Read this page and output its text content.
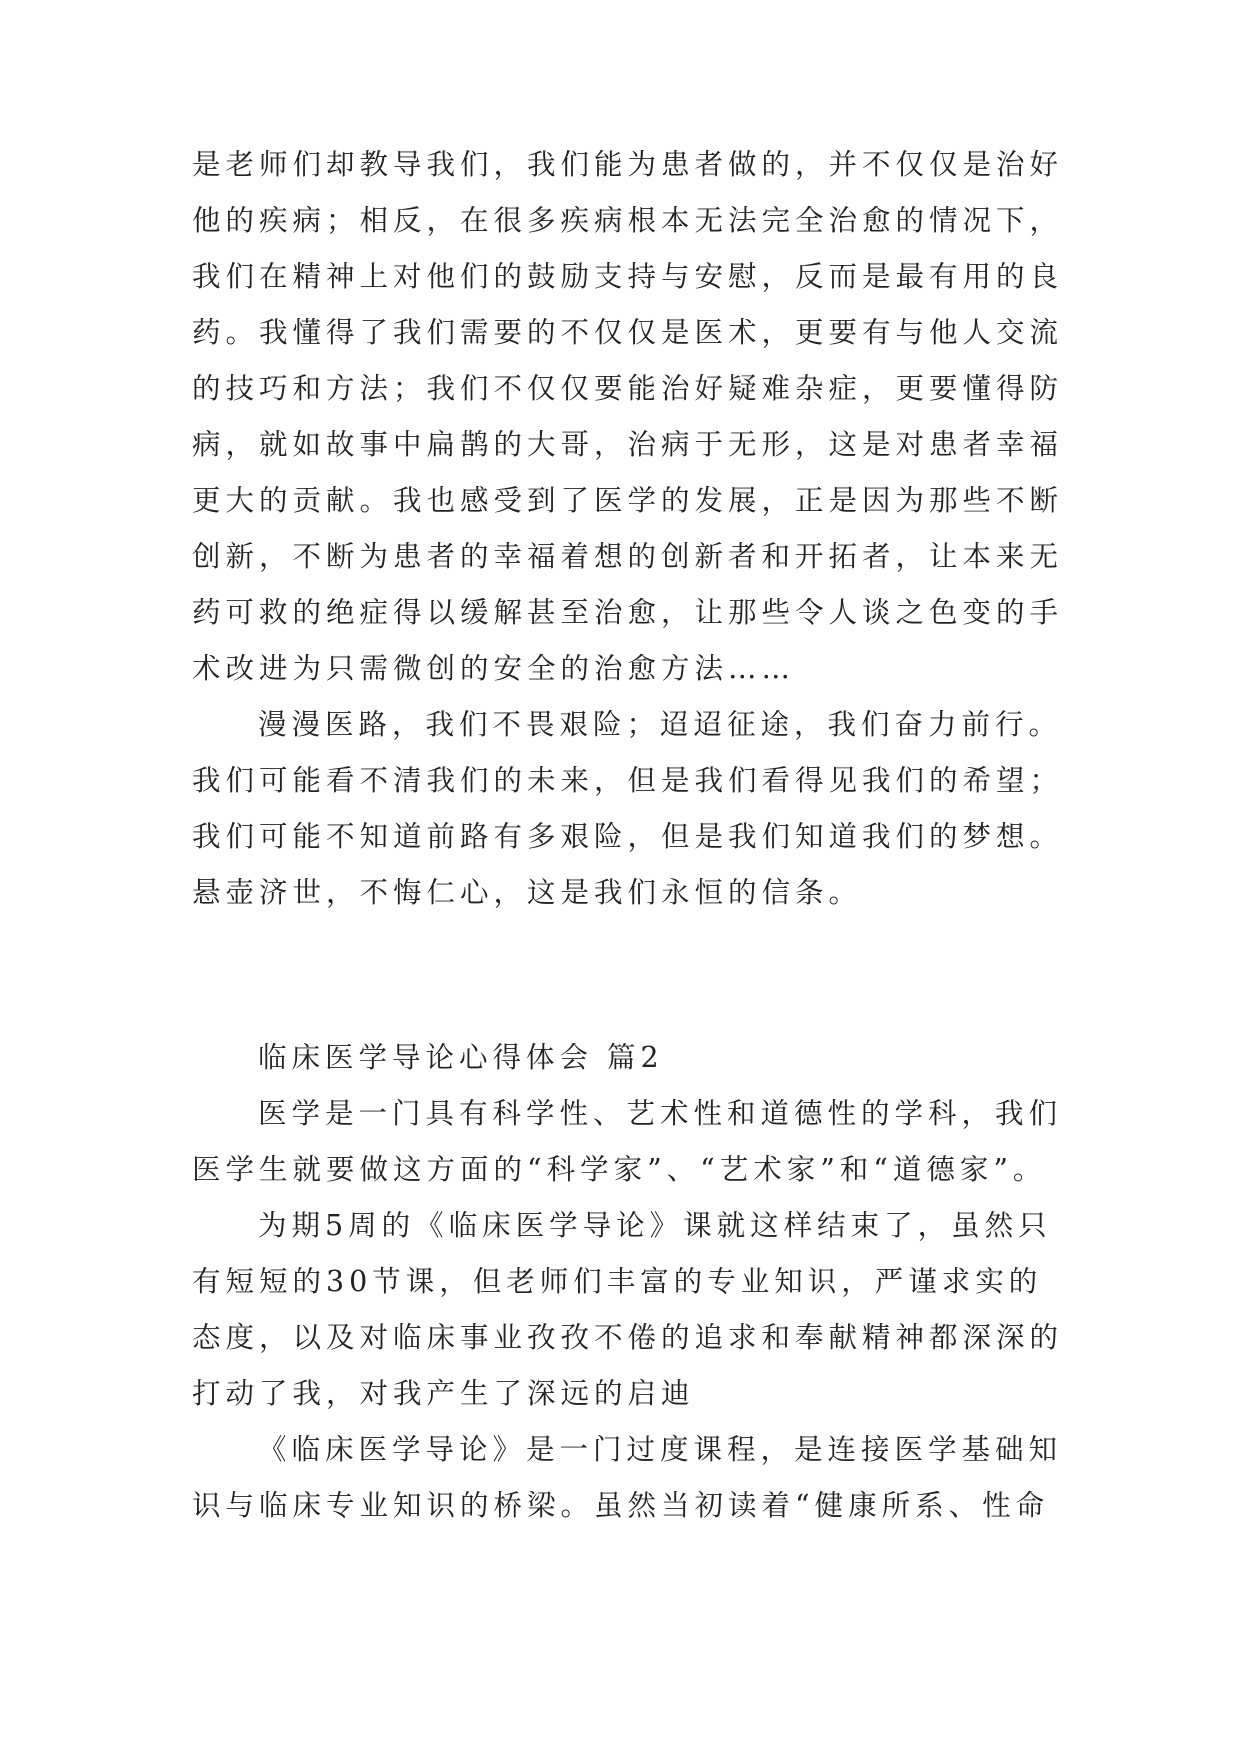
是老师们却教导我们，我们能为患者做的，并不仅仅是治好
他的疾病；相反，在很多疾病根本无法完全治愈的情况下，
我们在精神上对他们的鼓励支持与安慰，反而是最有用的良
药。我懂得了我们需要的不仅仅是医术，更要有与他人交流
的技巧和方法；我们不仅仅要能治好疑难杂症，更要懂得防
病，就如故事中扁鹊的大哥，治病于无形，这是对患者幸福
更大的贡献。我也感受到了医学的发展，正是因为那些不断
创新，不断为患者的幸福着想的创新者和开拓者，让本来无
药可救的绝症得以缓解甚至治愈，让那些令人谈之色变的手
术改进为只需微创的安全的治愈方法……
漫漫医路，我们不畏艰险；迢迢征途，我们奋力前行。
我们可能看不清我们的未来，但是我们看得见我们的希望；
我们可能不知道前路有多艰险，但是我们知道我们的梦想。
悬壶济世，不悔仁心，这是我们永恒的信条。
临床医学导论心得体会 篇2
医学是一门具有科学性、艺术性和道德性的学科，我们
医学生就要做这方面的“科学家”、“艺术家”和“道德家”。
为期5周的《临床医学导论》课就这样结束了，虽然只
有短短的30节课，但老师们丰富的专业知识，严谨求实的
态度，以及对临床事业孜孜不倦的追求和奉献精神都深深的
打动了我，对我产生了深远的启迪
《临床医学导论》是一门过度课程，是连接医学基础知
识与临床专业知识的桥梁。虽然当初读着“健康所系、性命
